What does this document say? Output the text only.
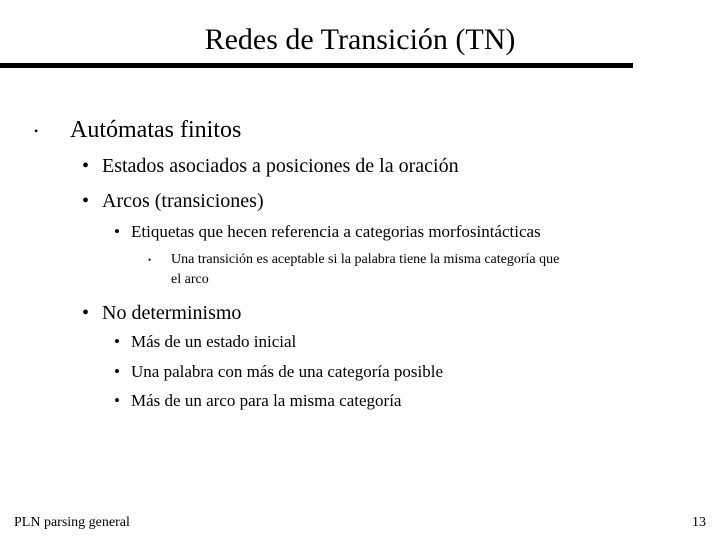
Redes de Transición (TN)
• Autómatas finitos
• Estados asociados a posiciones de la oración
• Arcos (transiciones)
• Etiquetas que hecen referencia a categorias morfosintácticas
• Una transición es aceptable si la palabra tiene la misma categoría que
el arco
• No determinismo
• Más de un estado inicial
• Una palabra con más de una categoría posible
• Más de un arco para la misma categoría
PLN parsing general	13
